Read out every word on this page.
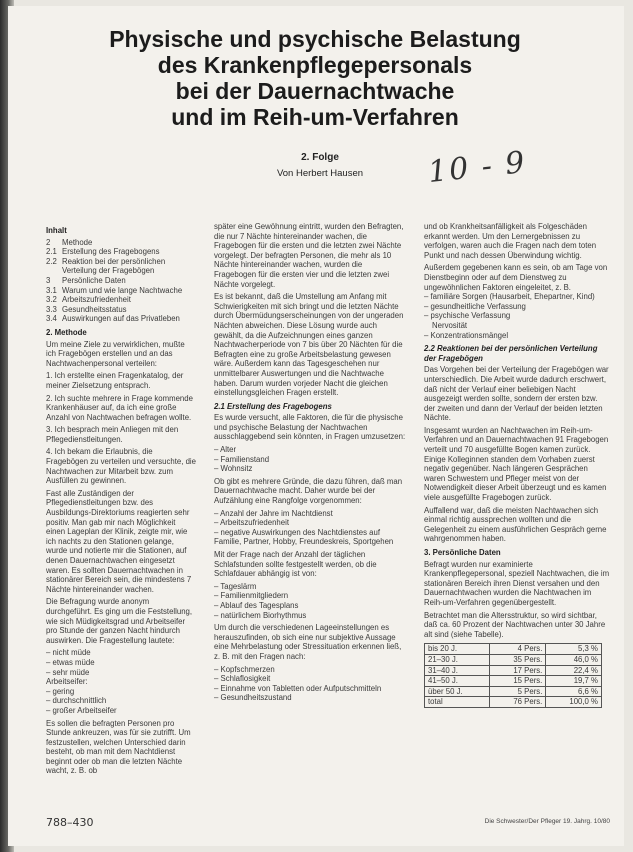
Physische und psychische Belastung
des Krankenpflegepersonals
bei der Dauernachtwache
und im Reih-um-Verfahren
2. Folge
Von Herbert Hausen	10 - 9
Inhalt
2	Methode
2.1 Erstellung des Fragebogens
2.2 Reaktion bei der persönlichen Verteilung der Fragebögen
3	Persönliche Daten
3.1 Warum und wie lange Nachtwache
3.2 Arbeitszufriedenheit
3.3 Gesundheitsstatus
3.4 Auswirkungen auf das Privatleben
2. Methode
Um meine Ziele zu verwirklichen, mußte ich Fragebögen erstellen und an das Nachtwachenpersonal verteilen:
1. Ich erstellte einen Fragenkatalog, der meiner Zielsetzung entsprach.
2. Ich suchte mehrere in Frage kommende Krankenhäuser auf, da ich eine große Anzahl von Nachtwachen befragen wollte.
3. Ich besprach mein Anliegen mit den Pflegedienstleitungen.
4. Ich bekam die Erlaubnis, die Fragebögen zu verteilen und versuchte, die Nachtwachen zur Mitarbeit bzw. zum Ausfüllen zu gewinnen.
Fast alle Zuständigen der Pflegedienstleitungen bzw. des Ausbildungs-Direktoriums reagierten sehr positiv. Man gab mir nach Möglichkeit einen Lageplan der Klinik, zeigte mir, wie ich nachts zu den Stationen gelange, wurde und notierte mir die Stationen, auf denen Dauernachtwachen eingesetzt waren. Es sollten Dauernachtwachen in stationärer Bereich sein, die mindestens 7 Nächte hintereinander wachen.
Die Befragung wurde anonym durchgeführt. Es ging um die Feststellung, wie sich Müdigkeitsgrad und Arbeitseifer pro Stunde der ganzen Nacht hindurch auswirken. Die Fragestellung lautete:
– nicht müde
– etwas müde
– sehr müde
Arbeitseifer:
– gering
– durchschnittlich
– großer Arbeitseifer
Es sollen die befragten Personen pro Stunde ankreuzen, was für sie zutrifft. Um festzustellen, welchen Unterschied darin besteht, ob man mit dem Nachtdienst beginnt oder ob man die letzten Nächte wacht, z. B. ob
später eine Gewöhnung eintritt, wurden den Befragten, die nur 7 Nächte hintereinander wachen, die Fragebogen für die ersten und die letzten zwei Nächte vorgelegt. Der befragten Personen, die mehr als 10 Nächte hintereinander wachen, wurden die Fragebogen für die ersten vier und die letzten zwei Nächte vorgelegt.
Es ist bekannt, daß die Umstellung am Anfang mit Schwierigkeiten mit sich bringt und die letzten Nächte durch Übermüdungserscheinungen von der ungeraden Nächten abweichen. Diese Lösung wurde auch gewählt, da die Aufzeichnungen eines ganzen Nachtwacherperiode von 7 bis über 20 Nächten für die Befragten eine zu große Arbeitsbelastung gewesen wäre. Außerdem kann das Tagesgeschehen nur unmittelbarer Auswertungen und die Nachtwache haben. Darum wurden vorjeder Nacht die gleichen einstellungsgleichen Fragen erstellt.
2.1 Erstellung des Fragebogens
Es wurde versucht, alle Faktoren, die für die physische und psychische Belastung der Nachtwachen ausschlaggebend sein könnten, in Fragen umzusetzen:
– Alter
– Familienstand
– Wohnsitz
Ob gibt es mehrere Gründe, die dazu führen, daß man Dauernachtwache macht. Daher wurde bei der Aufzählung eine Rangfolge vorgenommen:
– Anzahl der Jahre im Nachtdienst
– Arbeitszufriedenheit
– negative Auswirkungen des Nachtdienstes auf Familie, Partner, Hobby, Freundeskreis, Sportgehen
Mit der Frage nach der Anzahl der täglichen Schlafstunden sollte festgestellt werden, ob die Schlafdauer abhängig ist von:
– Tageslärm
– Familienmitgliedern
– Ablauf des Tagesplans
– natürlichem Biorhythmus
Um durch die verschiedenen Lageeinstellungen es herauszufinden, ob sich eine nur subjektive Aussage eine Mehrbelastung oder Stressituation erkennen ließ, z. B. mit den Fragen nach:
– Kopfschmerzen
– Schlaflosigkeit
– Einnahme von Tabletten oder Aufputschmitteln
– Gesundheitszustand
und ob Krankheitsanfälligkeit als Folgeschäden erkannt werden. Um den Lernergebnissen zu verfolgen, waren auch die Fragen nach dem toten Punkt und nach dessen Überwindung wichtig.
Außerdem gegebenen kann es sein, ob am Tage von Dienstbeginn oder auf dem Dienstweg zu ungewöhnlichen Faktoren eingeleitet, z. B.
– familiäre Sorgen (Hausarbeit, Ehepartner, Kind)
– gesundheitliche Verfassung
– psychische Verfassung
Nervosität
– Konzentrationsmängel
2.2 Reaktionen bei der persönlichen Verteilung der Fragebögen
Das Vorgehen bei der Verteilung der Fragebögen war unterschiedlich. Die Arbeit wurde dadurch erschwert, daß nicht der Verlauf einer beliebigen Nacht ausgezeigt werden sollte, sondern der ersten bzw. der zweiten und dann der Verlauf der beiden letzten Nächte.
Insgesamt wurden an Nachtwachen im Reih-um-Verfahren und an Dauernachtwachen 91 Fragebogen verteilt und 70 ausgefüllte Bogen kamen zurück. Einige Kolleginnen standen dem Vorhaben zuerst negativ gegenüber. Nach längeren Gesprächen waren Schwestern und Pfleger meist von der Notwendigkeit dieser Arbeit überzeugt und es kamen viele ausgefüllte Fragebogen zurück.
Auffallend war, daß die meisten Nachtwachen sich einmal richtig aussprechen wollten und die Gelegenheit zu einem ausführlichen Gespräch gerne wahrgenommen haben.
3. Persönliche Daten
Befragt wurden nur examinierte Krankenpflegepersonal, speziell Nachtwachen, die im stationären Bereich ihren Dienst versahen und den Dauernachtwachen wurden die Nachtwachen im Reih-um-Verfahren gegenübergestellt.
Betrachtet man die Altersstruktur, so wird sichtbar, daß ca. 60 Prozent der Nachtwachen unter 30 Jahre alt sind (siehe Tabelle).
bis 20 J.	4 Pers.	5,3 %
21–30 J.	35 Pers.	46,0 %
31–40 J.	17 Pers.	22,4 %
41–50 J.	15 Pers.	19,7 %
über 50 J.	5 Pers.	6,6 %
total	76 Pers.	100,0 %
788–430	Die Schwester/Der Pfleger 19. Jahrg. 10/80
